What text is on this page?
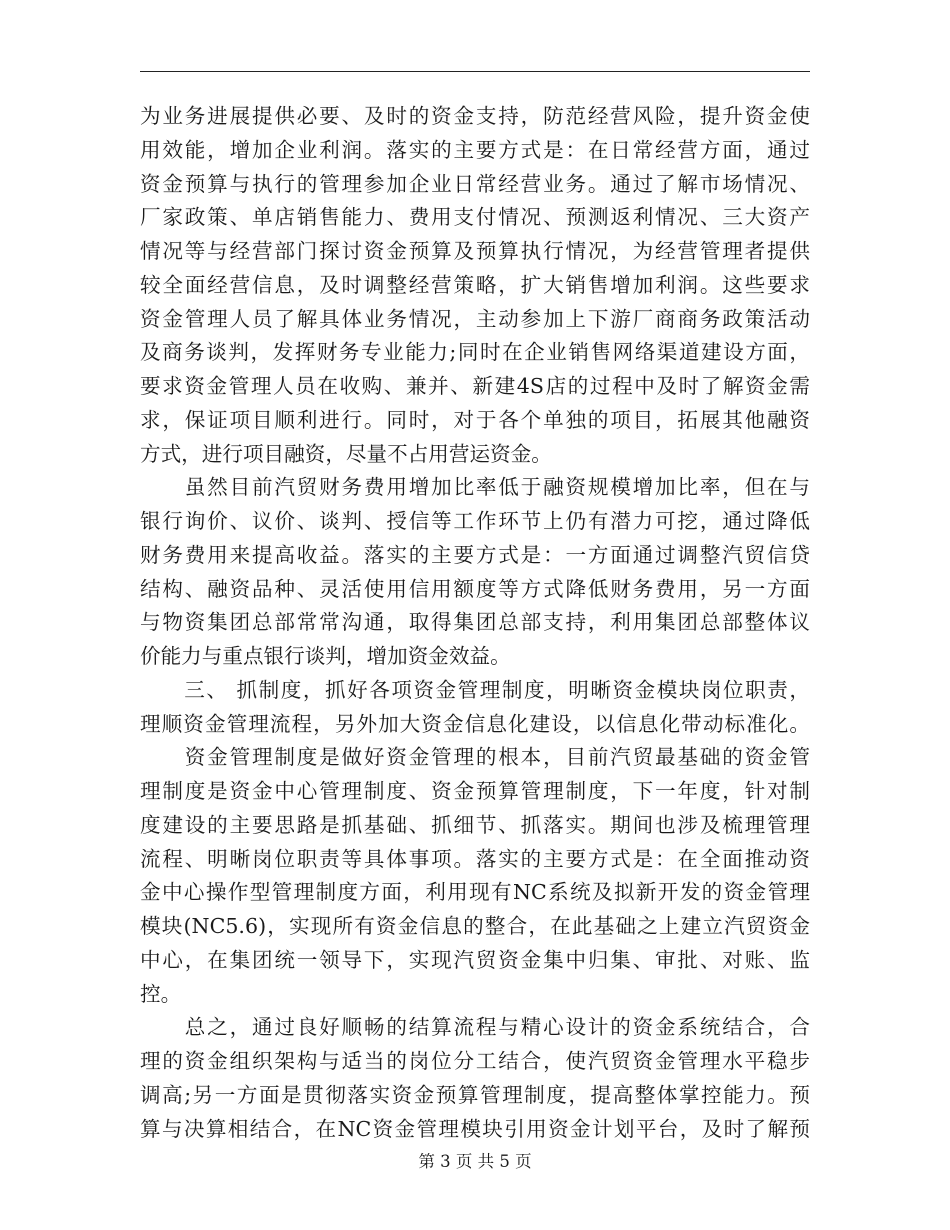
为业务进展提供必要、及时的资金支持，防范经营风险，提升资金使
用效能，增加企业利润。落实的主要方式是：在日常经营方面，通过
资金预算与执行的管理参加企业日常经营业务。通过了解市场情况、
厂家政策、单店销售能力、费用支付情况、预测返利情况、三大资产
情况等与经营部门探讨资金预算及预算执行情况，为经营管理者提供
较全面经营信息，及时调整经营策略，扩大销售增加利润。这些要求
资金管理人员了解具体业务情况，主动参加上下游厂商商务政策活动
及商务谈判，发挥财务专业能力;同时在企业销售网络渠道建设方面，
要求资金管理人员在收购、兼并、新建4S店的过程中及时了解资金需
求，保证项目顺利进行。同时，对于各个单独的项目，拓展其他融资
方式，进行项目融资，尽量不占用营运资金。
　　虽然目前汽贸财务费用增加比率低于融资规模增加比率，但在与
银行询价、议价、谈判、授信等工作环节上仍有潜力可挖，通过降低
财务费用来提高收益。落实的主要方式是：一方面通过调整汽贸信贷
结构、融资品种、灵活使用信用额度等方式降低财务费用，另一方面
与物资集团总部常常沟通，取得集团总部支持，利用集团总部整体议
价能力与重点银行谈判，增加资金效益。
　　三、 抓制度，抓好各项资金管理制度，明晰资金模块岗位职责，
理顺资金管理流程，另外加大资金信息化建设，以信息化带动标准化。
　　资金管理制度是做好资金管理的根本，目前汽贸最基础的资金管
理制度是资金中心管理制度、资金预算管理制度，下一年度，针对制
度建设的主要思路是抓基础、抓细节、抓落实。期间也涉及梳理管理
流程、明晰岗位职责等具体事项。落实的主要方式是：在全面推动资
金中心操作型管理制度方面，利用现有NC系统及拟新开发的资金管理
模块(NC5.6)，实现所有资金信息的整合，在此基础之上建立汽贸资金
中心，在集团统一领导下，实现汽贸资金集中归集、审批、对账、监
控。
　　总之，通过良好顺畅的结算流程与精心设计的资金系统结合，合
理的资金组织架构与适当的岗位分工结合，使汽贸资金管理水平稳步
调高;另一方面是贯彻落实资金预算管理制度，提高整体掌控能力。预
算与决算相结合，在NC资金管理模块引用资金计划平台，及时了解预
第 3 页 共 5 页
